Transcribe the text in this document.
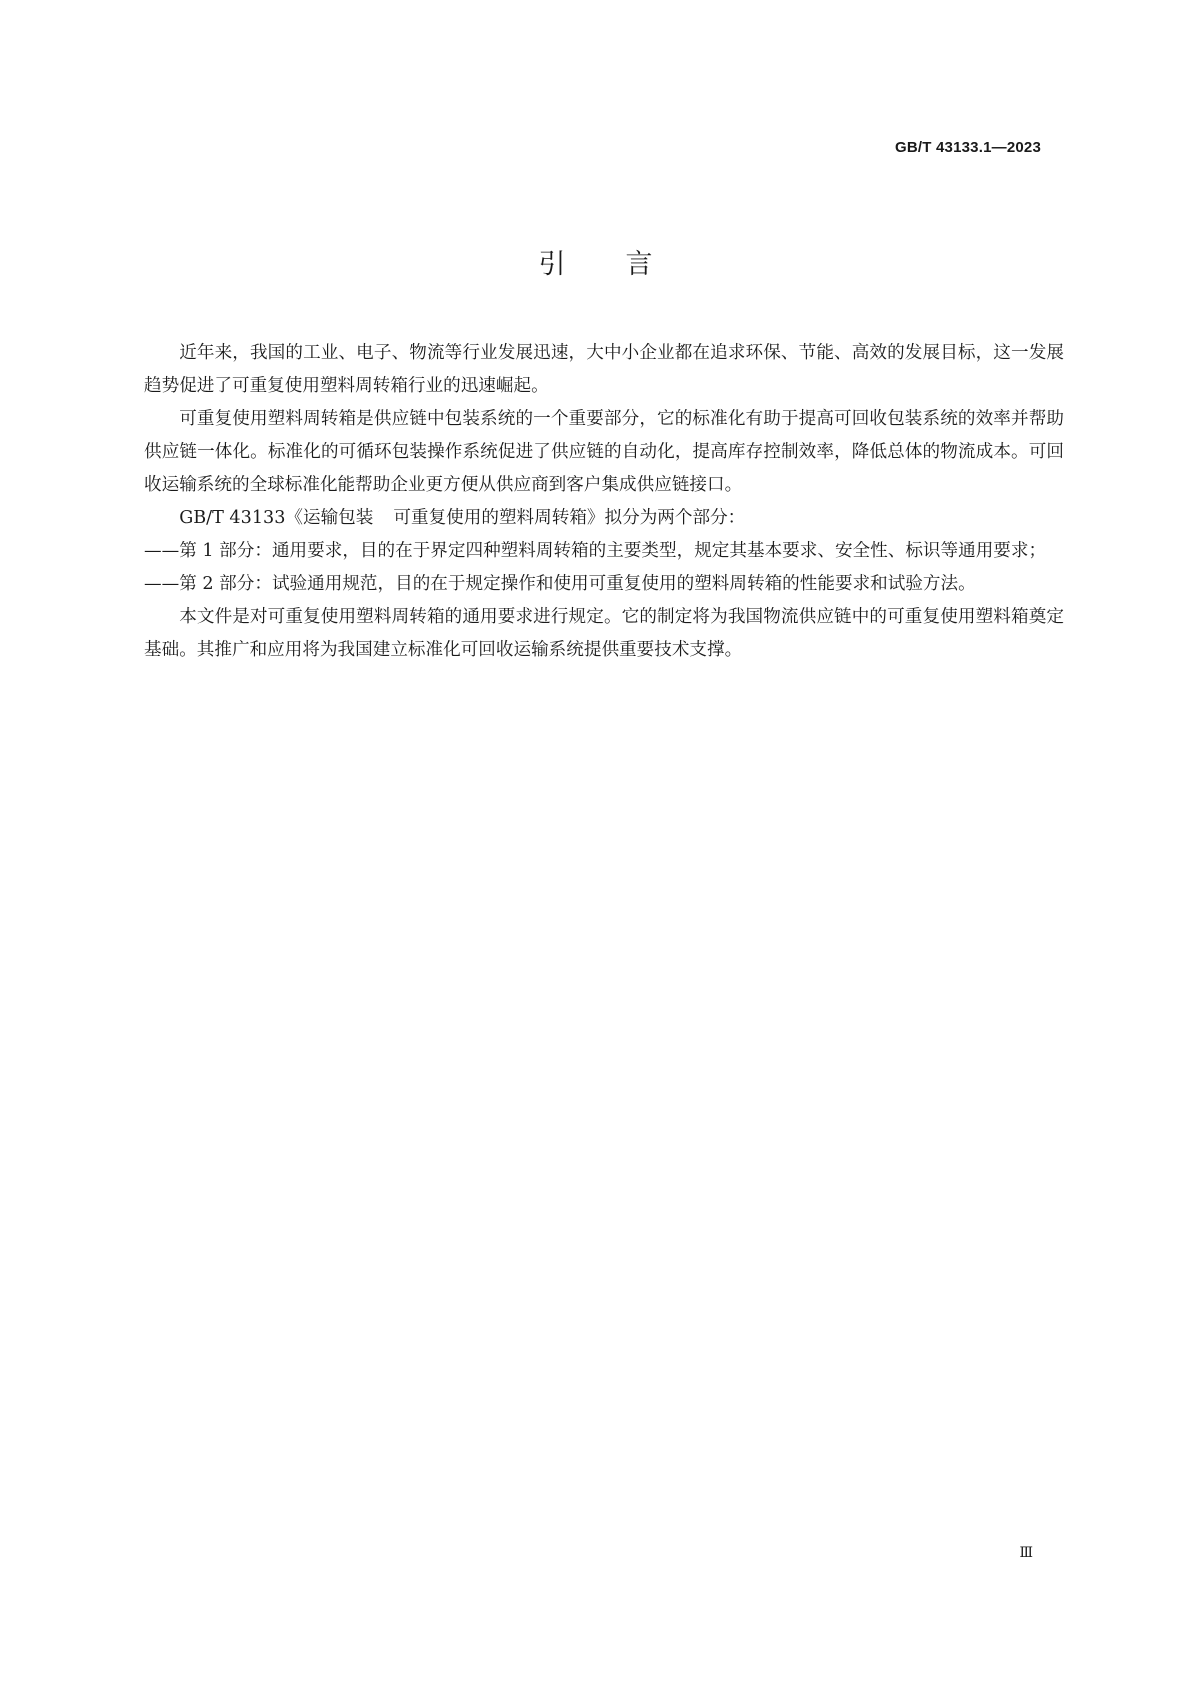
GB/T 43133.1—2023
引 言

近年来，我国的工业、电子、物流等行业发展迅速，大中小企业都在追求环保、节能、高效的发展目标，这一发展趋势促进了可重复使用塑料周转箱行业的迅速崛起。

可重复使用塑料周转箱是供应链中包装系统的一个重要部分，它的标准化有助于提高可回收包装系统的效率并帮助供应链一体化。标准化的可循环包装操作系统促进了供应链的自动化，提高库存控制效率，降低总体的物流成本。可回收运输系统的全球标准化能帮助企业更方便从供应商到客户集成供应链接口。

GB/T 43133《运输包装 可重复使用的塑料周转箱》拟分为两个部分：

——第 1 部分：通用要求，目的在于界定四种塑料周转箱的主要类型，规定其基本要求、安全性、标识等通用要求；

——第 2 部分：试验通用规范，目的在于规定操作和使用可重复使用的塑料周转箱的性能要求和试验方法。

本文件是对可重复使用塑料周转箱的通用要求进行规定。它的制定将为我国物流供应链中的可重复使用塑料箱奠定基础。其推广和应用将为我国建立标准化可回收运输系统提供重要技术支撑。

Ⅲ
